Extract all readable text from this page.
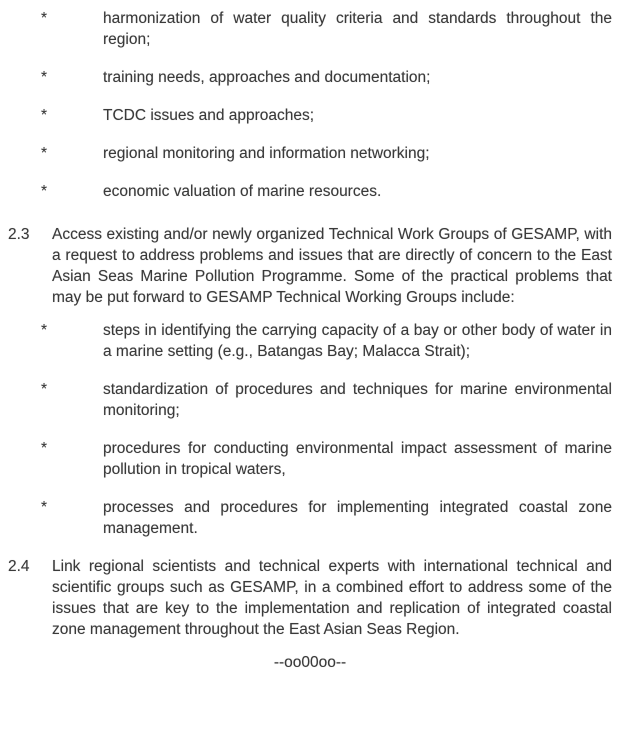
*	harmonization of water quality criteria and standards throughout the region;
*	training needs, approaches and documentation;
*	TCDC issues and approaches;
*	regional monitoring and information networking;
*	economic valuation of marine resources.
2.3 Access existing and/or newly organized Technical Work Groups of GESAMP, with a request to address problems and issues that are directly of concern to the East Asian Seas Marine Pollution Programme. Some of the practical problems that may be put forward to GESAMP Technical Working Groups include:
*	steps in identifying the carrying capacity of a bay or other body of water in a marine setting (e.g., Batangas Bay; Malacca Strait);
*	standardization of procedures and techniques for marine environmental monitoring;
*	procedures for conducting environmental impact assessment of marine pollution in tropical waters,
*	processes and procedures for implementing integrated coastal zone management.
2.4 Link regional scientists and technical experts with international technical and scientific groups such as GESAMP, in a combined effort to address some of the issues that are key to the implementation and replication of integrated coastal zone management throughout the East Asian Seas Region.
--oo00oo--
